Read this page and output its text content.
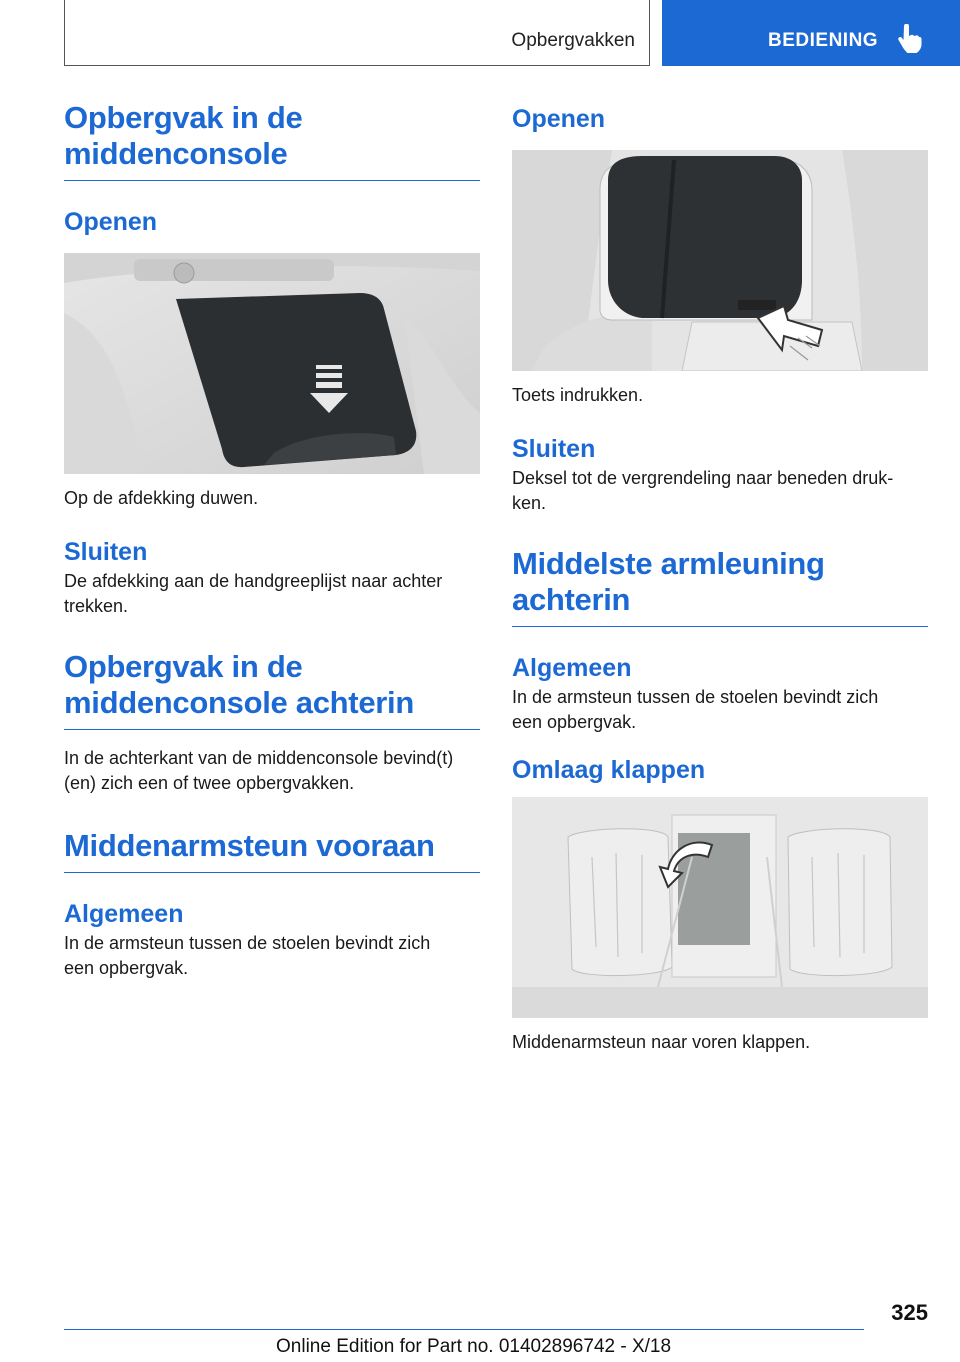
Opbergvakken	BEDIENING
Opbergvak in de middenconsole
Openen

Op de afdekking duwen.

Sluiten

De afdekking aan de handgreeplijst naar achter trekken.

Opbergvak in de middenconsole achterin

In de achterkant van de middenconsole bevind(t)(en) zich een of twee opbergvakken.

Middenarmsteun vooraan
Algemeen

In de armsteun tussen de stoelen bevindt zich een opbergvak.

Openen

Toets indrukken.

Sluiten

Deksel tot de vergrendeling naar beneden druk-ken.

Middelste armleuning achterin
Algemeen

In de armsteun tussen de stoelen bevindt zich een opbergvak.

Omlaag klappen

Middenarmsteun naar voren klappen.

325
Online Edition for Part no. 01402896742 - X/18
